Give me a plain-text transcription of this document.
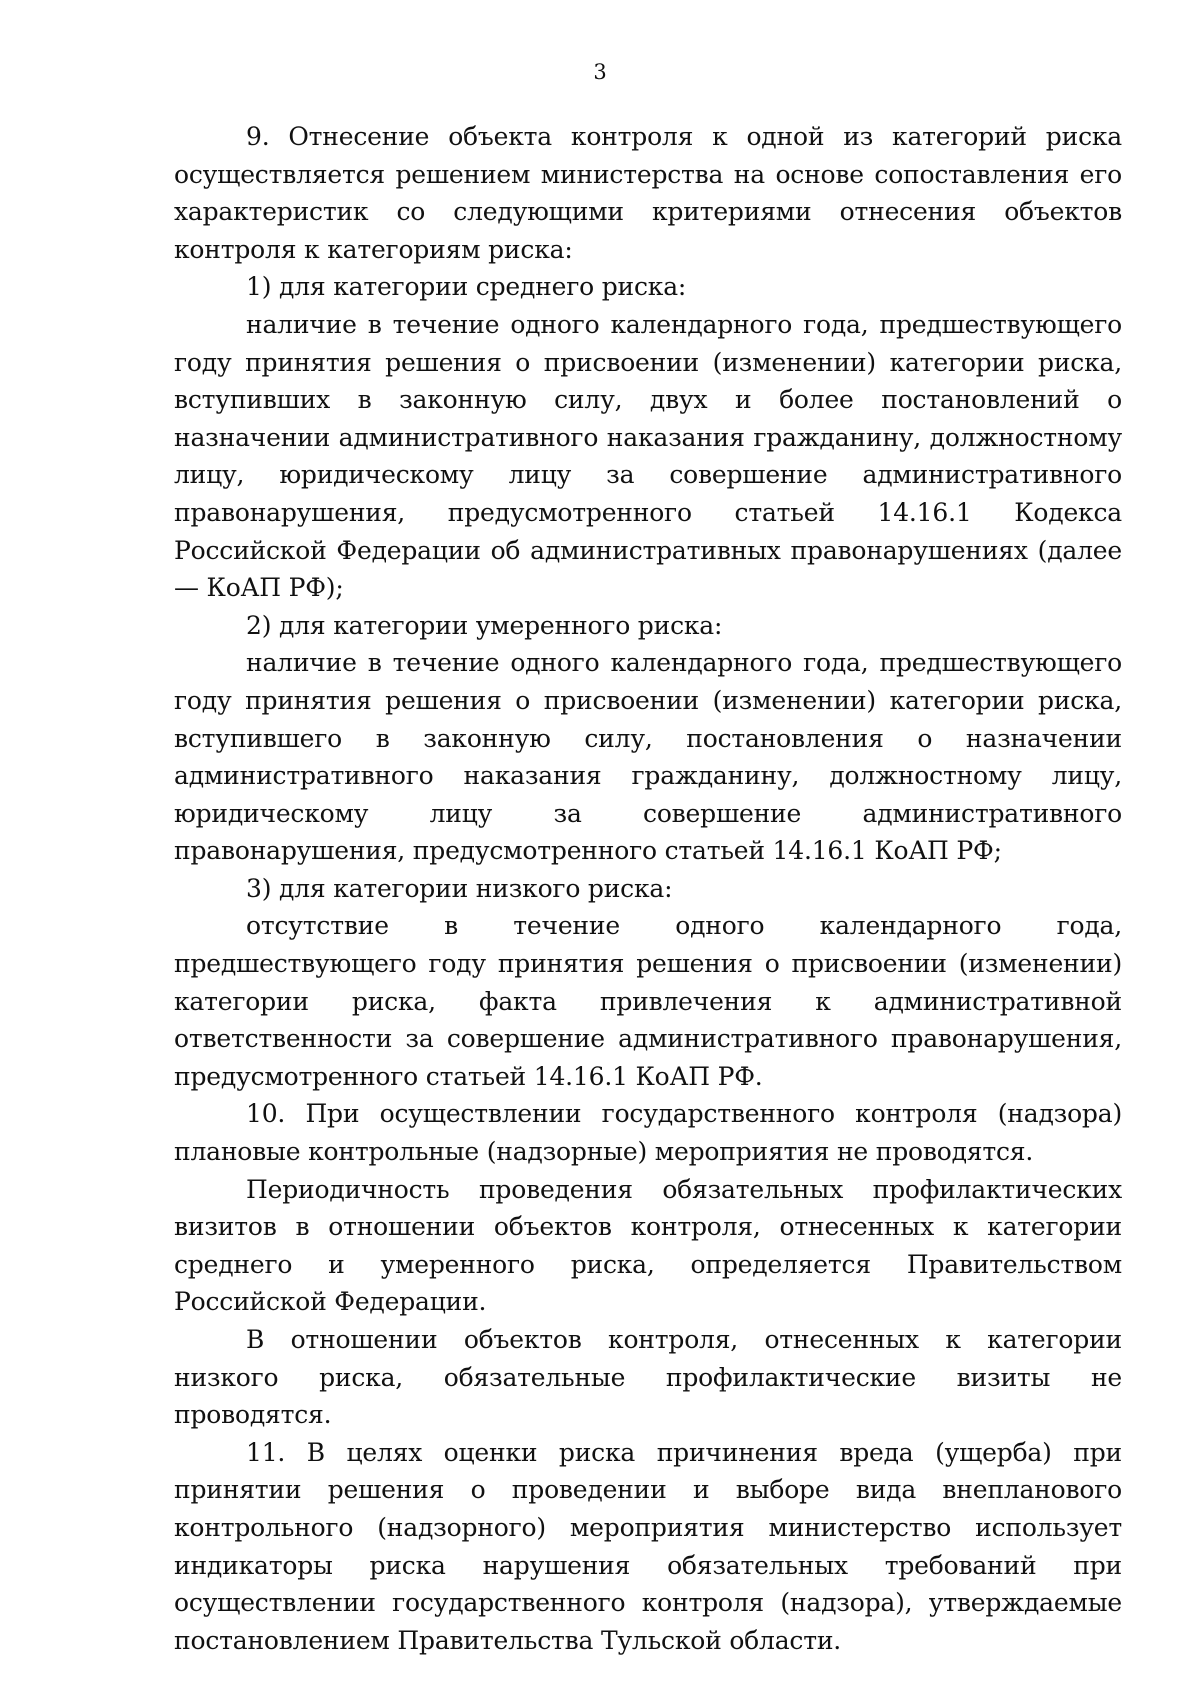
3

9. Отнесение объекта контроля к одной из категорий риска осуществляется решением министерства на основе сопоставления его характеристик со следующими критериями отнесения объектов контроля к категориям риска:

1) для категории среднего риска:

наличие в течение одного календарного года, предшествующего году принятия решения о присвоении (изменении) категории риска, вступивших в законную силу, двух и более постановлений о назначении административного наказания гражданину, должностному лицу, юридическому лицу за совершение административного правонарушения, предусмотренного статьей 14.16.1 Кодекса Российской Федерации об административных правонарушениях (далее — КоАП РФ);

2) для категории умеренного риска:

наличие в течение одного календарного года, предшествующего году принятия решения о присвоении (изменении) категории риска, вступившего в законную силу, постановления о назначении административного наказания гражданину, должностному лицу, юридическому лицу за совершение административного правонарушения, предусмотренного статьей 14.16.1 КоАП РФ;

3) для категории низкого риска:

отсутствие в течение одного календарного года, предшествующего году принятия решения о присвоении (изменении) категории риска, факта привлечения к административной ответственности за совершение административного правонарушения, предусмотренного статьей 14.16.1 КоАП РФ.

10. При осуществлении государственного контроля (надзора) плановые контрольные (надзорные) мероприятия не проводятся.

Периодичность проведения обязательных профилактических визитов в отношении объектов контроля, отнесенных к категории среднего и умеренного риска, определяется Правительством Российской Федерации.

В отношении объектов контроля, отнесенных к категории низкого риска, обязательные профилактические визиты не проводятся.

11. В целях оценки риска причинения вреда (ущерба) при принятии решения о проведении и выборе вида внепланового контрольного (надзорного) мероприятия министерство использует индикаторы риска нарушения обязательных требований при осуществлении государственного контроля (надзора), утверждаемые постановлением Правительства Тульской области.
